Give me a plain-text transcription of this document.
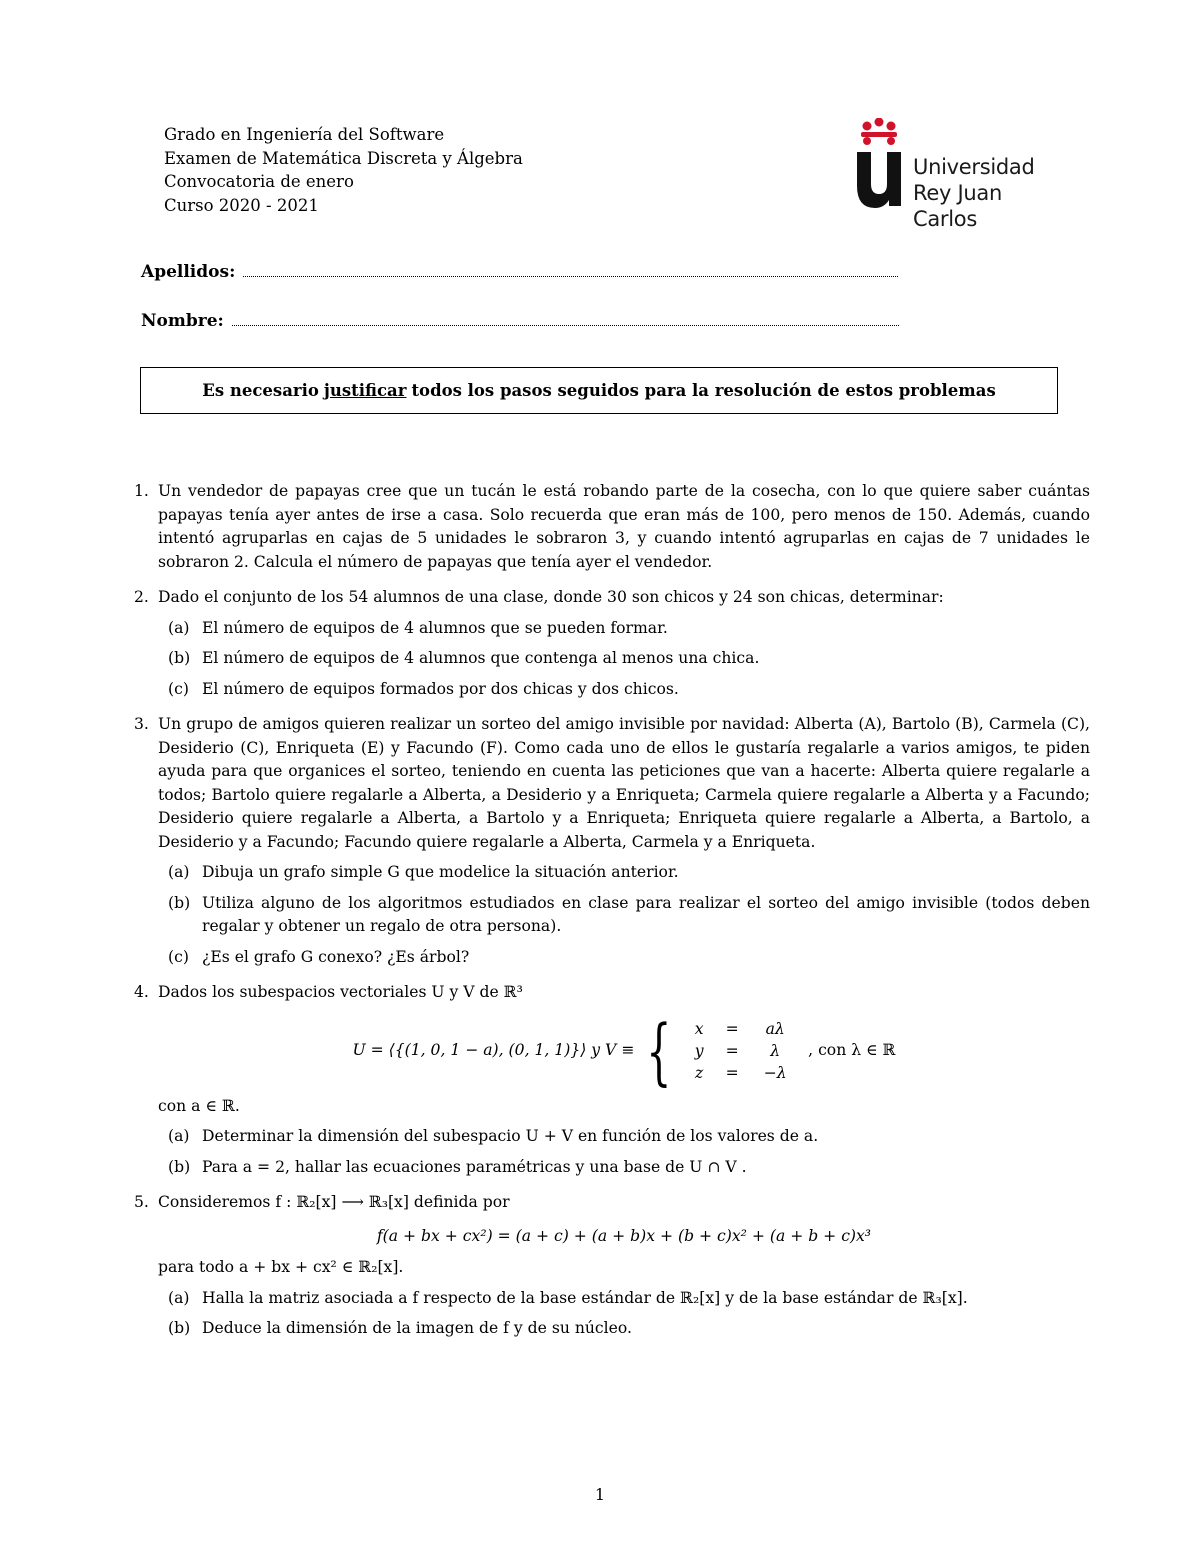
Grado en Ingeniería del Software
Examen de Matemática Discreta y Álgebra
Convocatoria de enero
Curso 2020 - 2021
Universidad
Rey Juan Carlos
Apellidos:
Nombre:
Es necesario justificar todos los pasos seguidos para la resolución de estos problemas
1. Un vendedor de papayas cree que un tucán le está robando parte de la cosecha, con lo que quiere saber cuántas papayas tenía ayer antes de irse a casa. Solo recuerda que eran más de 100, pero menos de 150. Además, cuando intentó agruparlas en cajas de 5 unidades le sobraron 3, y cuando intentó agruparlas en cajas de 7 unidades le sobraron 2. Calcula el número de papayas que tenía ayer el vendedor.
2. Dado el conjunto de los 54 alumnos de una clase, donde 30 son chicos y 24 son chicas, determinar:
(a) El número de equipos de 4 alumnos que se pueden formar.
(b) El número de equipos de 4 alumnos que contenga al menos una chica.
(c) El número de equipos formados por dos chicas y dos chicos.
3. Un grupo de amigos quieren realizar un sorteo del amigo invisible por navidad: Alberta (A), Bartolo (B), Carmela (C), Desiderio (C), Enriqueta (E) y Facundo (F). Como cada uno de ellos le gustaría regalarle a varios amigos, te piden ayuda para que organices el sorteo, teniendo en cuenta las peticiones que van a hacerte: Alberta quiere regalarle a todos; Bartolo quiere regalarle a Alberta, a Desiderio y a Enriqueta; Carmela quiere regalarle a Alberta y a Facundo; Desiderio quiere regalarle a Alberta, a Bartolo y a Enriqueta; Enriqueta quiere regalarle a Alberta, a Bartolo, a Desiderio y a Facundo; Facundo quiere regalarle a Alberta, Carmela y a Enriqueta.
(a) Dibuja un grafo simple G que modelice la situación anterior.
(b) Utiliza alguno de los algoritmos estudiados en clase para realizar el sorteo del amigo invisible (todos deben regalar y obtener un regalo de otra persona).
(c) ¿Es el grafo G conexo? ¿Es árbol?
4. Dados los subespacios vectoriales U y V de ℝ³
U = ⟨{(1, 0, 1 − a), (0, 1, 1)}⟩ y V ≡ {	x	=	aλ
y	=	λ
z	=	−λ
, con λ ∈ ℝ
con a ∈ ℝ.
(a) Determinar la dimensión del subespacio U + V en función de los valores de a.
(b) Para a = 2, hallar las ecuaciones paramétricas y una base de U ∩ V .
5. Consideremos f : ℝ₂[x] ⟶ ℝ₃[x] definida por
f(a + bx + cx²) = (a + c) + (a + b)x + (b + c)x² + (a + b + c)x³
para todo a + bx + cx² ∈ ℝ₂[x].
(a) Halla la matriz asociada a f respecto de la base estándar de ℝ₂[x] y de la base estándar de ℝ₃[x].
(b) Deduce la dimensión de la imagen de f y de su núcleo.
1
